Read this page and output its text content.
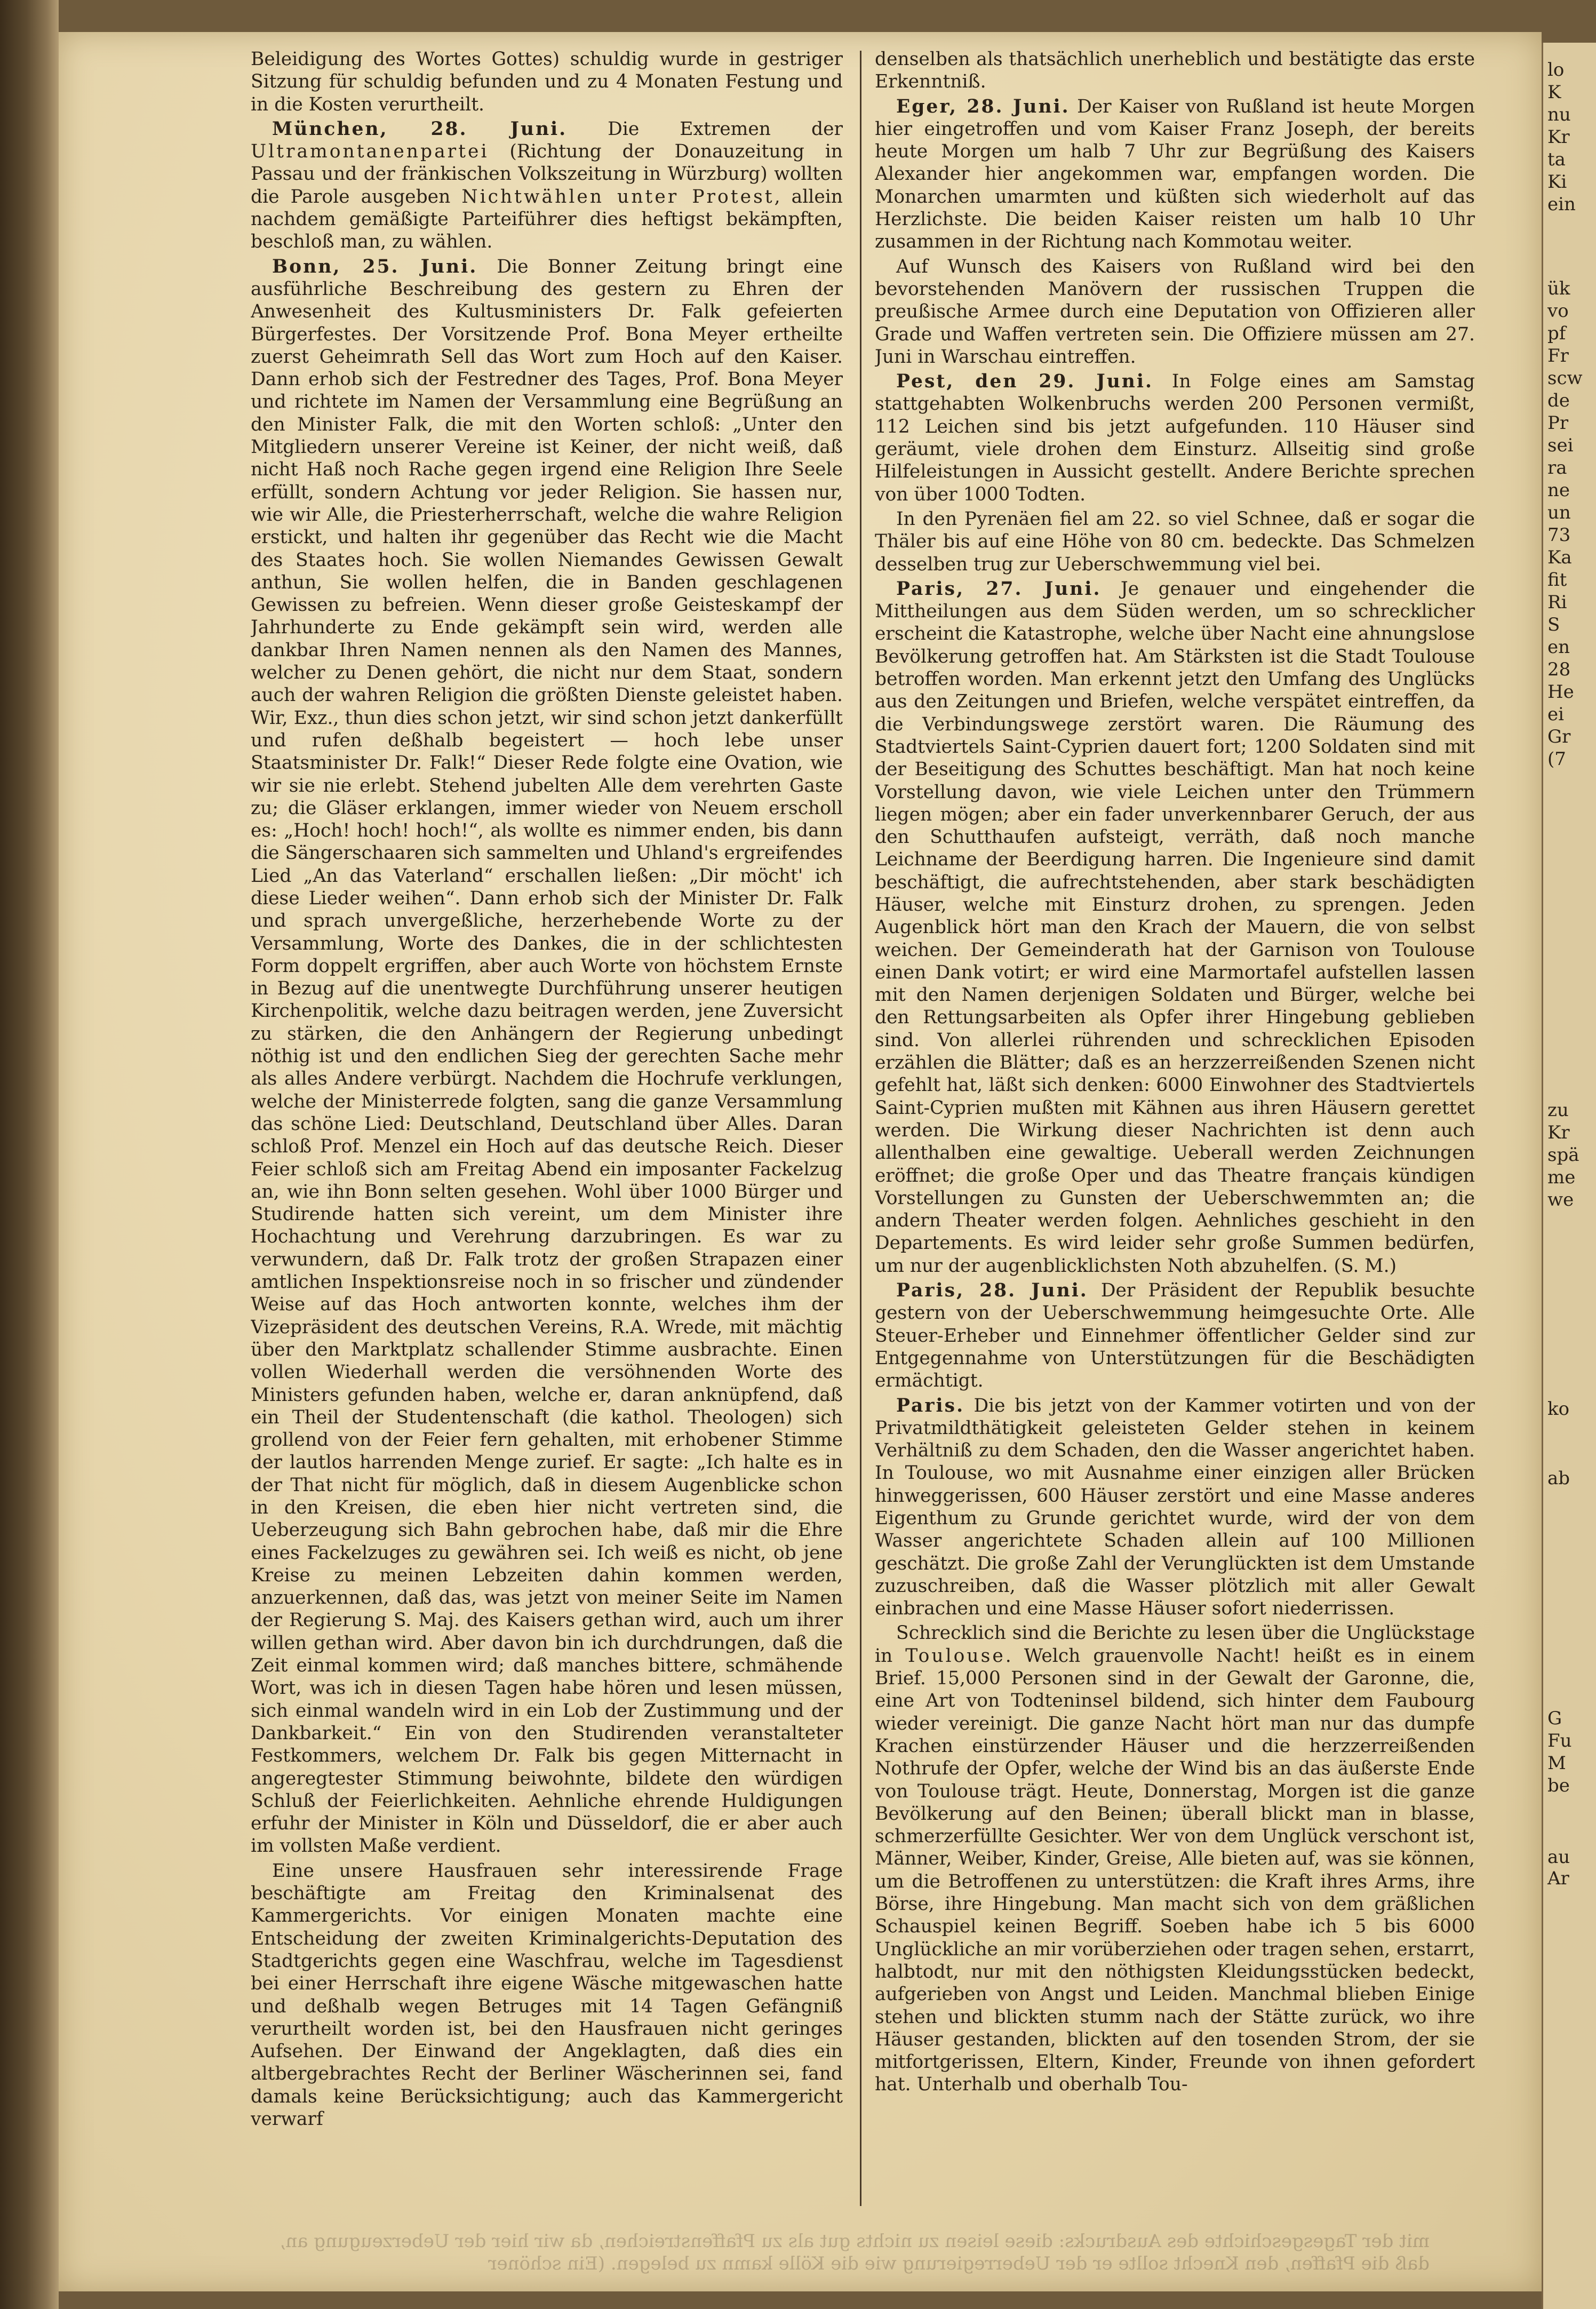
Beleidigung des Wortes Gottes) schuldig wurde in gestriger Sitzung für schuldig befunden und zu 4 Monaten Festung und in die Kosten verurtheilt.

München, 28. Juni. Die Extremen der Ultramontanenpartei (Richtung der Donauzeitung in Passau und der fränkischen Volkszeitung in Würzburg) wollten die Parole ausgeben Nichtwählen unter Protest, allein nachdem gemäßigte Parteiführer dies heftigst bekämpften, beschloß man, zu wählen.

Bonn, 25. Juni. Die Bonner Zeitung bringt eine ausführliche Beschreibung des gestern zu Ehren der Anwesenheit des Kultusministers Dr. Falk gefeierten Bürgerfestes. Der Vorsitzende Prof. Bona Meyer ertheilte zuerst Geheimrath Sell das Wort zum Hoch auf den Kaiser. Dann erhob sich der Festredner des Tages, Prof. Bona Meyer und richtete im Namen der Versammlung eine Begrüßung an den Minister Falk, die mit den Worten schloß: „Unter den Mitgliedern unserer Vereine ist Keiner, der nicht weiß, daß nicht Haß noch Rache gegen irgend eine Religion Ihre Seele erfüllt, sondern Achtung vor jeder Religion. Sie hassen nur, wie wir Alle, die Priesterherrschaft, welche die wahre Religion erstickt, und halten ihr gegenüber das Recht wie die Macht des Staates hoch. Sie wollen Niemandes Gewissen Gewalt anthun, Sie wollen helfen, die in Banden geschlagenen Gewissen zu befreien. Wenn dieser große Geisteskampf der Jahrhunderte zu Ende gekämpft sein wird, werden alle dankbar Ihren Namen nennen als den Namen des Mannes, welcher zu Denen gehört, die nicht nur dem Staat, sondern auch der wahren Religion die größten Dienste geleistet haben. Wir, Exz., thun dies schon jetzt, wir sind schon jetzt dankerfüllt und rufen deßhalb begeistert — hoch lebe unser Staatsminister Dr. Falk!“ Dieser Rede folgte eine Ovation, wie wir sie nie erlebt. Stehend jubelten Alle dem verehrten Gaste zu; die Gläser erklangen, immer wieder von Neuem erscholl es: „Hoch! hoch! hoch!“, als wollte es nimmer enden, bis dann die Sängerschaaren sich sammelten und Uhland's ergreifendes Lied „An das Vaterland“ erschallen ließen: „Dir möcht' ich diese Lieder weihen“. Dann erhob sich der Minister Dr. Falk und sprach unvergeßliche, herzerhebende Worte zu der Versammlung, Worte des Dankes, die in der schlichtesten Form doppelt ergriffen, aber auch Worte von höchstem Ernste in Bezug auf die unentwegte Durchführung unserer heutigen Kirchenpolitik, welche dazu beitragen werden, jene Zuversicht zu stärken, die den Anhängern der Regierung unbedingt nöthig ist und den endlichen Sieg der gerechten Sache mehr als alles Andere verbürgt. Nachdem die Hochrufe verklungen, welche der Ministerrede folgten, sang die ganze Versammlung das schöne Lied: Deutschland, Deutschland über Alles. Daran schloß Prof. Menzel ein Hoch auf das deutsche Reich. Dieser Feier schloß sich am Freitag Abend ein imposanter Fackelzug an, wie ihn Bonn selten gesehen. Wohl über 1000 Bürger und Studirende hatten sich vereint, um dem Minister ihre Hochachtung und Verehrung darzubringen. Es war zu verwundern, daß Dr. Falk trotz der großen Strapazen einer amtlichen Inspektionsreise noch in so frischer und zündender Weise auf das Hoch antworten konnte, welches ihm der Vizepräsident des deutschen Vereins, R.A. Wrede, mit mächtig über den Marktplatz schallender Stimme ausbrachte. Einen vollen Wiederhall werden die versöhnenden Worte des Ministers gefunden haben, welche er, daran anknüpfend, daß ein Theil der Studentenschaft (die kathol. Theologen) sich grollend von der Feier fern gehalten, mit erhobener Stimme der lautlos harrenden Menge zurief. Er sagte: „Ich halte es in der That nicht für möglich, daß in diesem Augenblicke schon in den Kreisen, die eben hier nicht vertreten sind, die Ueberzeugung sich Bahn gebrochen habe, daß mir die Ehre eines Fackelzuges zu gewähren sei. Ich weiß es nicht, ob jene Kreise zu meinen Lebzeiten dahin kommen werden, anzuerkennen, daß das, was jetzt von meiner Seite im Namen der Regierung S. Maj. des Kaisers gethan wird, auch um ihrer willen gethan wird. Aber davon bin ich durchdrungen, daß die Zeit einmal kommen wird; daß manches bittere, schmähende Wort, was ich in diesen Tagen habe hören und lesen müssen, sich einmal wandeln wird in ein Lob der Zustimmung und der Dankbarkeit.“ Ein von den Studirenden veranstalteter Festkommers, welchem Dr. Falk bis gegen Mitternacht in angeregtester Stimmung beiwohnte, bildete den würdigen Schluß der Feierlichkeiten. Aehnliche ehrende Huldigungen erfuhr der Minister in Köln und Düsseldorf, die er aber auch im vollsten Maße verdient.

Eine unsere Hausfrauen sehr interessirende Frage beschäftigte am Freitag den Kriminalsenat des Kammergerichts. Vor einigen Monaten machte eine Entscheidung der zweiten Kriminalgerichts-Deputation des Stadtgerichts gegen eine Waschfrau, welche im Tagesdienst bei einer Herrschaft ihre eigene Wäsche mitgewaschen hatte und deßhalb wegen Betruges mit 14 Tagen Gefängniß verurtheilt worden ist, bei den Hausfrauen nicht geringes Aufsehen. Der Einwand der Angeklagten, daß dies ein altbergebrachtes Recht der Berliner Wäscherinnen sei, fand damals keine Berücksichtigung; auch das Kammergericht verwarf

denselben als thatsächlich unerheblich und bestätigte das erste Erkenntniß.

Eger, 28. Juni. Der Kaiser von Rußland ist heute Morgen hier eingetroffen und vom Kaiser Franz Joseph, der bereits heute Morgen um halb 7 Uhr zur Begrüßung des Kaisers Alexander hier angekommen war, empfangen worden. Die Monarchen umarmten und küßten sich wiederholt auf das Herzlichste. Die beiden Kaiser reisten um halb 10 Uhr zusammen in der Richtung nach Kommotau weiter.

Auf Wunsch des Kaisers von Rußland wird bei den bevorstehenden Manövern der russischen Truppen die preußische Armee durch eine Deputation von Offizieren aller Grade und Waffen vertreten sein. Die Offiziere müssen am 27. Juni in Warschau eintreffen.

Pest, den 29. Juni. In Folge eines am Samstag stattgehabten Wolkenbruchs werden 200 Personen vermißt, 112 Leichen sind bis jetzt aufgefunden. 110 Häuser sind geräumt, viele drohen dem Einsturz. Allseitig sind große Hilfeleistungen in Aussicht gestellt. Andere Berichte sprechen von über 1000 Todten.

In den Pyrenäen fiel am 22. so viel Schnee, daß er sogar die Thäler bis auf eine Höhe von 80 cm. bedeckte. Das Schmelzen desselben trug zur Ueberschwemmung viel bei.

Paris, 27. Juni. Je genauer und eingehender die Mittheilungen aus dem Süden werden, um so schrecklicher erscheint die Katastrophe, welche über Nacht eine ahnungslose Bevölkerung getroffen hat. Am Stärksten ist die Stadt Toulouse betroffen worden. Man erkennt jetzt den Umfang des Unglücks aus den Zeitungen und Briefen, welche verspätet eintreffen, da die Verbindungswege zerstört waren. Die Räumung des Stadtviertels Saint-Cyprien dauert fort; 1200 Soldaten sind mit der Beseitigung des Schuttes beschäftigt. Man hat noch keine Vorstellung davon, wie viele Leichen unter den Trümmern liegen mögen; aber ein fader unverkennbarer Geruch, der aus den Schutthaufen aufsteigt, verräth, daß noch manche Leichname der Beerdigung harren. Die Ingenieure sind damit beschäftigt, die aufrechtstehenden, aber stark beschädigten Häuser, welche mit Einsturz drohen, zu sprengen. Jeden Augenblick hört man den Krach der Mauern, die von selbst weichen. Der Gemeinderath hat der Garnison von Toulouse einen Dank votirt; er wird eine Marmortafel aufstellen lassen mit den Namen derjenigen Soldaten und Bürger, welche bei den Rettungsarbeiten als Opfer ihrer Hingebung geblieben sind. Von allerlei rührenden und schrecklichen Episoden erzählen die Blätter; daß es an herzzerreißenden Szenen nicht gefehlt hat, läßt sich denken: 6000 Einwohner des Stadtviertels Saint-Cyprien mußten mit Kähnen aus ihren Häusern gerettet werden. Die Wirkung dieser Nachrichten ist denn auch allenthalben eine gewaltige. Ueberall werden Zeichnungen eröffnet; die große Oper und das Theatre français kündigen Vorstellungen zu Gunsten der Ueberschwemmten an; die andern Theater werden folgen. Aehnliches geschieht in den Departements. Es wird leider sehr große Summen bedürfen, um nur der augenblicklichsten Noth abzuhelfen. (S. M.)

Paris, 28. Juni. Der Präsident der Republik besuchte gestern von der Ueberschwemmung heimgesuchte Orte. Alle Steuer-Erheber und Einnehmer öffentlicher Gelder sind zur Entgegennahme von Unterstützungen für die Beschädigten ermächtigt.

Paris. Die bis jetzt von der Kammer votirten und von der Privatmildthätigkeit geleisteten Gelder stehen in keinem Verhältniß zu dem Schaden, den die Wasser angerichtet haben. In Toulouse, wo mit Ausnahme einer einzigen aller Brücken hinweggerissen, 600 Häuser zerstört und eine Masse anderes Eigenthum zu Grunde gerichtet wurde, wird der von dem Wasser angerichtete Schaden allein auf 100 Millionen geschätzt. Die große Zahl der Verunglückten ist dem Umstande zuzuschreiben, daß die Wasser plötzlich mit aller Gewalt einbrachen und eine Masse Häuser sofort niederrissen.

Schrecklich sind die Berichte zu lesen über die Unglückstage in Toulouse. Welch grauenvolle Nacht! heißt es in einem Brief. 15,000 Personen sind in der Gewalt der Garonne, die, eine Art von Todteninsel bildend, sich hinter dem Faubourg wieder vereinigt. Die ganze Nacht hört man nur das dumpfe Krachen einstürzender Häuser und die herzzerreißenden Nothrufe der Opfer, welche der Wind bis an das äußerste Ende von Toulouse trägt. Heute, Donnerstag, Morgen ist die ganze Bevölkerung auf den Beinen; überall blickt man in blasse, schmerzerfüllte Gesichter. Wer von dem Unglück verschont ist, Männer, Weiber, Kinder, Greise, Alle bieten auf, was sie können, um die Betroffenen zu unterstützen: die Kraft ihres Arms, ihre Börse, ihre Hingebung. Man macht sich von dem gräßlichen Schauspiel keinen Begriff. Soeben habe ich 5 bis 6000 Unglückliche an mir vorüberziehen oder tragen sehen, erstarrt, halbtodt, nur mit den nöthigsten Kleidungsstücken bedeckt, aufgerieben von Angst und Leiden. Manchmal blieben Einige stehen und blickten stumm nach der Stätte zurück, wo ihre Häuser gestanden, blickten auf den tosenden Strom, der sie mitfortgerissen, Eltern, Kinder, Freunde von ihnen gefordert hat. Unterhalb und oberhalb Tou-

mit der Tagesgeschichte des Ausdrucks: diese leisen zu nichts gut als zu Pfaffenstreichen, da wir hier der Ueberzeugung an, daß die Pfaffen, den Knecht sollte er der Ueberregierung wie die Kölle kamn zu belegen. (Ein schöner
lo
K
nu
Kr
ta
Ki
ein
ük
vo
pf
Fr
scw
de
Pr
sei
ra
ne
un
73
Ka
fit
Ri
S
en
28
He
ei
Gr
(7
zu
Kr
spä
me
we
ko
ab
G
Fu
M
be
au
Ar
